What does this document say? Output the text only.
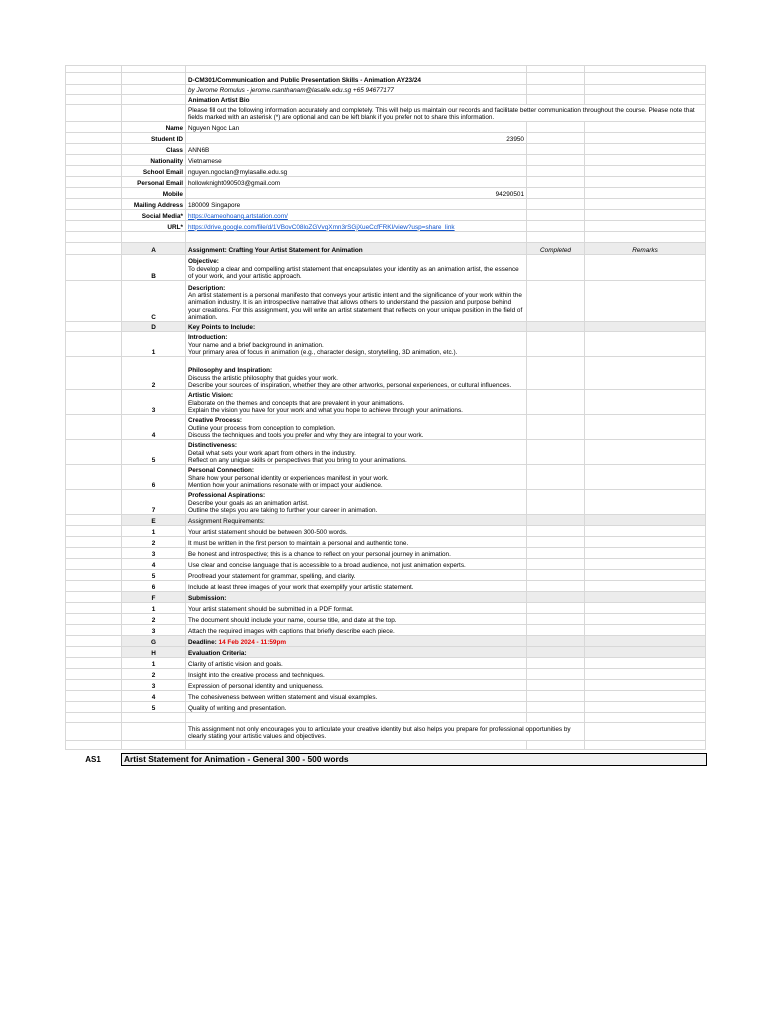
		D-CM301/Communication and Public Presentation Skills - Animation AY23/24		
		by Jerome Romulus - jerome.rsanthanam@lasalle.edu.sg +65 94677177		
		Animation Artist Bio		
		Please fill out the following information accurately and completely. This will help us maintain our records and facilitate better communication throughout the course. Please note that fields marked with an asterisk (*) are optional and can be left blank if you prefer not to share this information.		
	Name	Nguyen Ngoc Lan		
	Student ID	23950		
	Class	ANN6B		
	Nationality	Vietnamese		
	School Email	nguyen.ngoclan@mylasalle.edu.sg		
	Personal Email	hollowknight090503@gmail.com		
	Mobile	94290501		
	Mailing Address	180009 Singapore		
	Social Media*	https://cameohoang.artstation.com/		
	URL*	https://drive.google.com/file/d/1VBovC08loZGVvqXmn3rSGjXueCcfFRKI/view?usp=share_link		

	A	Assignment: Crafting Your Artist Statement for Animation	Completed	Remarks
	B	Objective:
To develop a clear and compelling artist statement that encapsulates your identity as an animation artist, the essence of your work, and your artistic approach.		

	C	Description:
An artist statement is a personal manifesto that conveys your artistic intent and the significance of your work within the animation industry. It is an introspective narrative that allows others to understand the passion and purpose behind your creations. For this assignment, you will write an artist statement that reflects on your unique position in the field of animation.		

	D	Key Points to Include:		
	1	Introduction:
Your name and a brief background in animation.
Your primary area of focus in animation (e.g., character design, storytelling, 3D animation, etc.).		

	2	Philosophy and Inspiration:
Discuss the artistic philosophy that guides your work.
Describe your sources of inspiration, whether they are other artworks, personal experiences, or cultural influences.		

	3	Artistic Vision:
Elaborate on the themes and concepts that are prevalent in your animations.
Explain the vision you have for your work and what you hope to achieve through your animations.		

	4	Creative Process:
Outline your process from conception to completion.
Discuss the techniques and tools you prefer and why they are integral to your work.		

	5	Distinctiveness:
Detail what sets your work apart from others in the industry.
Reflect on any unique skills or perspectives that you bring to your animations.		

	6	Personal Connection:
Share how your personal identity or experiences manifest in your work.
Mention how your animations resonate with or impact your audience.		

	7	Professional Aspirations:
Describe your goals as an animation artist.
Outline the steps you are taking to further your career in animation.		

	E	Assignment Requirements:		
	1	Your artist statement should be between 300-500 words.		
	2	It must be written in the first person to maintain a personal and authentic tone.		
	3	Be honest and introspective; this is a chance to reflect on your personal journey in animation.		
	4	Use clear and concise language that is accessible to a broad audience, not just animation experts.		
	5	Proofread your statement for grammar, spelling, and clarity.		
	6	Include at least three images of your work that exemplify your artistic statement.		
	F	Submission:		
	1	Your artist statement should be submitted in a PDF format.		
	2	The document should include your name, course title, and date at the top.		
	3	Attach the required images with captions that briefly describe each piece.		
	G	Deadline: 14 Feb 2024 - 11:59pm		
	H	Evaluation Criteria:		
	1	Clarity of artistic vision and goals.		
	2	Insight into the creative process and techniques.		
	3	Expression of personal identity and uniqueness.		
	4	The cohesiveness between written statement and visual examples.		
	5	Quality of writing and presentation.		

		This assignment not only encourages you to articulate your creative identity but also helps you prepare for professional opportunities by clearly stating your artistic values and objectives.		

AS1	Artist Statement for Animation - General 300 - 500 words
